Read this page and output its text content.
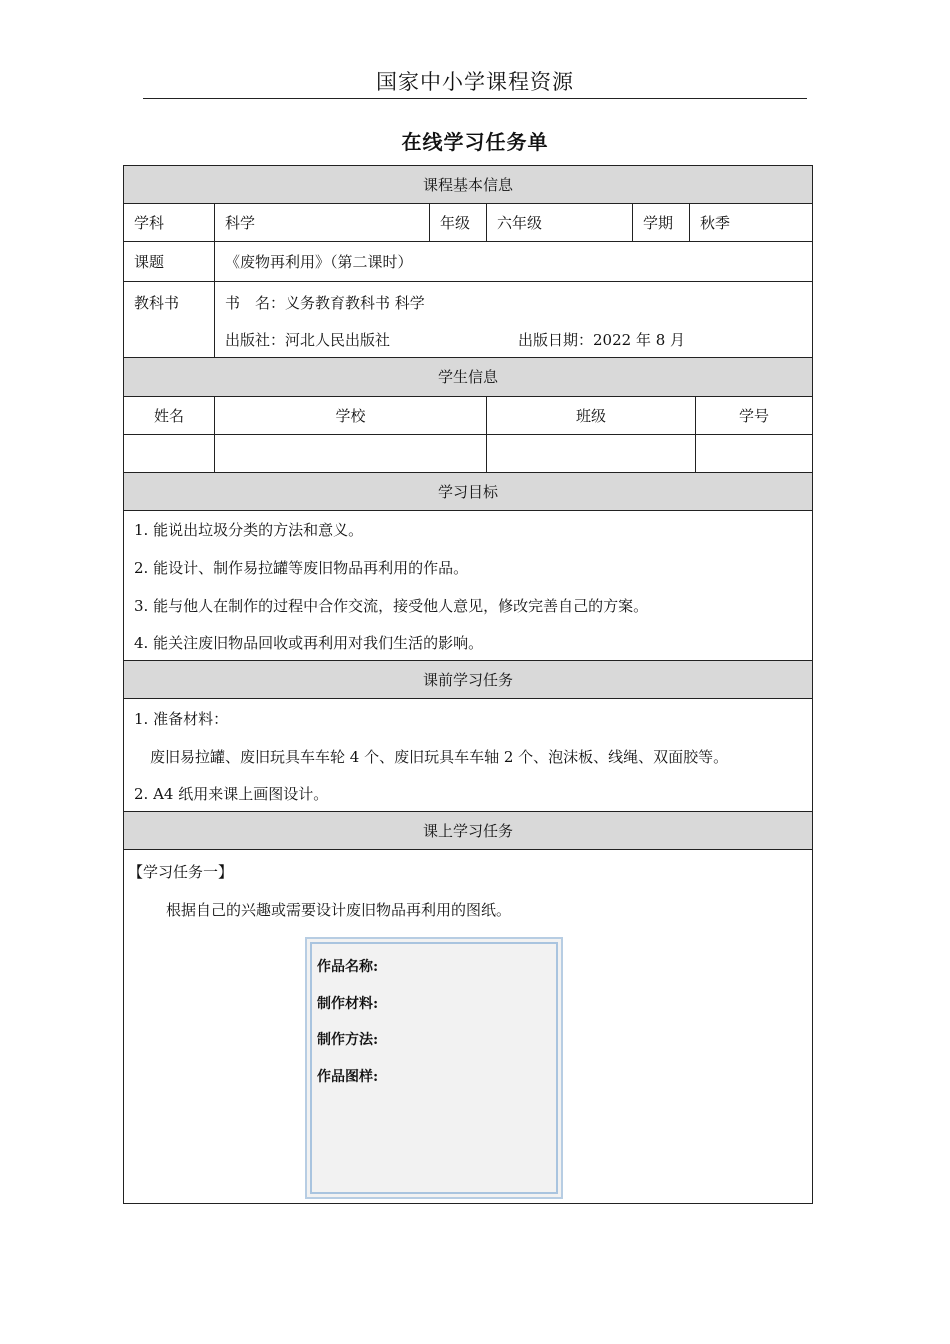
国家中小学课程资源
在线学习任务单
课程基本信息
学科	科学	年级	六年级	学期	秋季
课题	《废物再利用》（第二课时）
教科书	书　名：义务教育教科书 科学
出版社：河北人民出版社	出版日期：2022 年 8 月
学生信息
姓名	学校	班级	学号
学习目标
1. 能说出垃圾分类的方法和意义。
2. 能设计、制作易拉罐等废旧物品再利用的作品。
3. 能与他人在制作的过程中合作交流，接受他人意见，修改完善自己的方案。
4. 能关注废旧物品回收或再利用对我们生活的影响。
课前学习任务
1. 准备材料：
废旧易拉罐、废旧玩具车车轮 4 个、废旧玩具车车轴 2 个、泡沫板、线绳、双面胶等。
2. A4 纸用来课上画图设计。
课上学习任务
【学习任务一】
根据自己的兴趣或需要设计废旧物品再利用的图纸。
作品名称:
制作材料:
制作方法:
作品图样:
